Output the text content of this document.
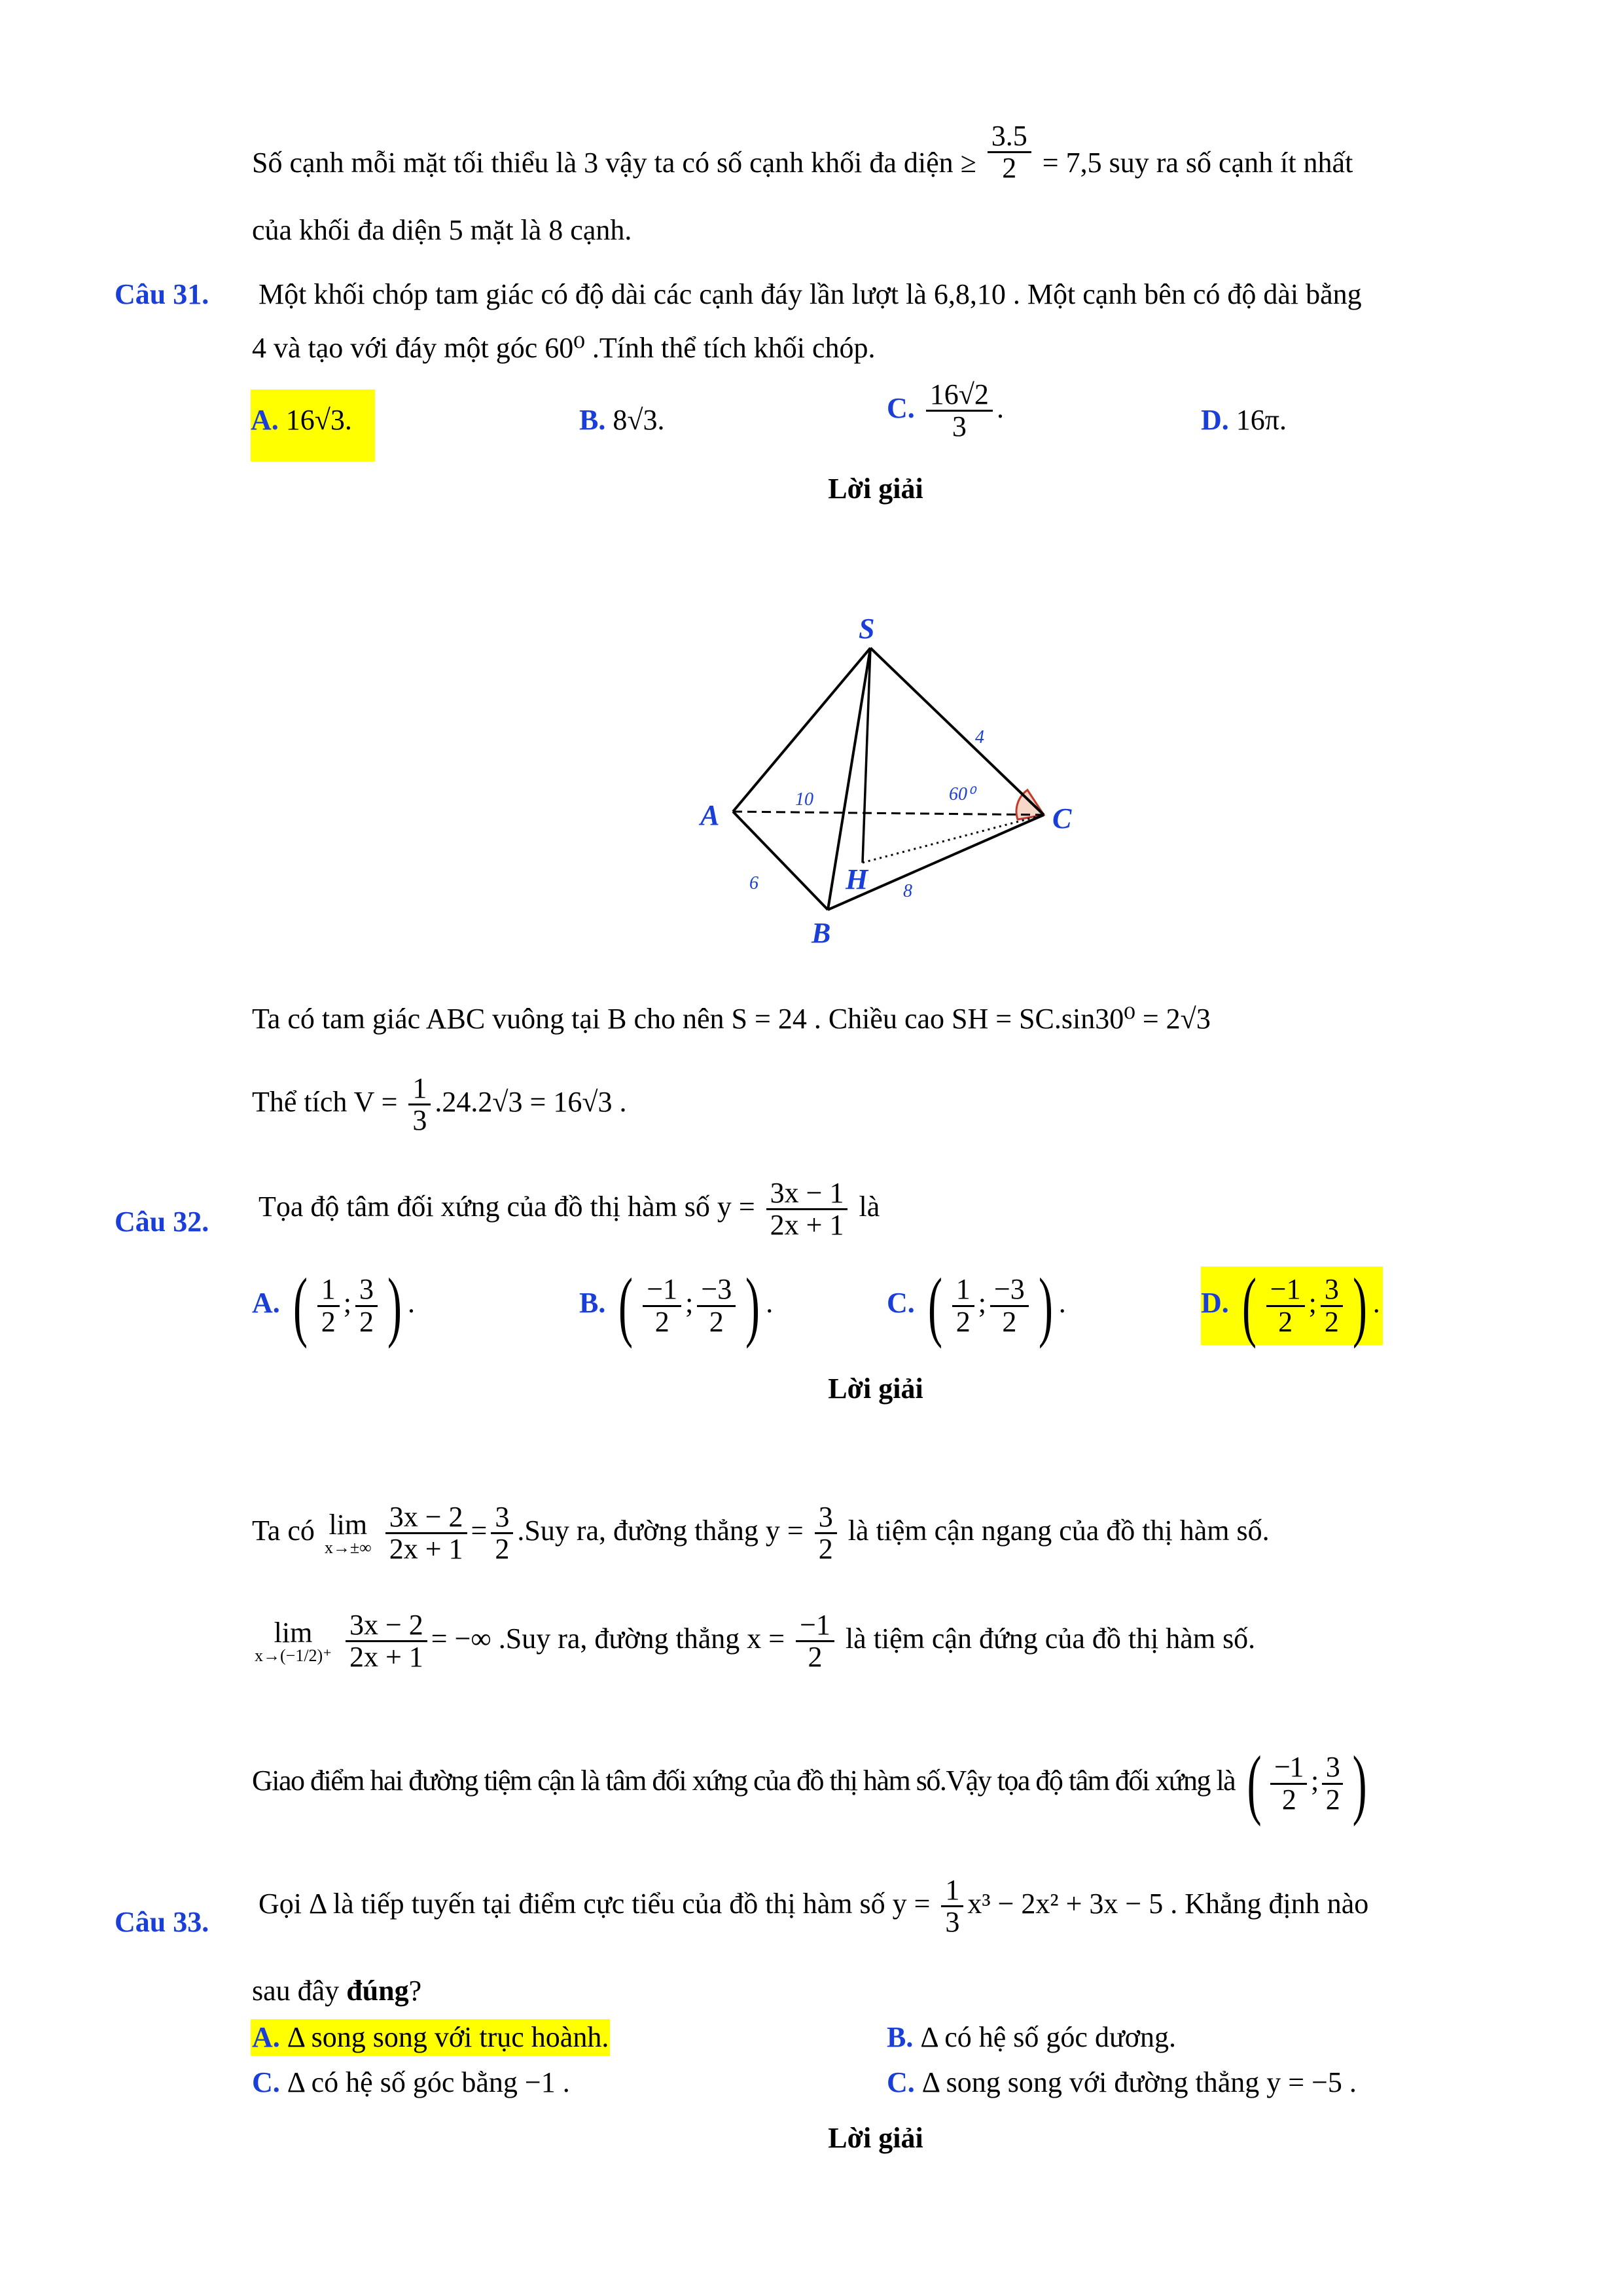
Số cạnh mỗi mặt tối thiểu là 3 vậy ta có số cạnh khối đa diện ≥ $\frac{3.5}{2} = 7,5$ suy ra số cạnh ít nhất
của khối đa diện 5 mặt là 8 cạnh.
Câu 31. Một khối chóp tam giác có độ dài các cạnh đáy lần lượt là 6,8,10 . Một cạnh bên có độ dài bằng
4 và tạo với đáy một góc 60⁰ .Tính thể tích khối chóp.
A. 16√3.	B. 8√3.	C. $\frac{16√2}{3}$ .	D. 16π.
Lời giải
S
A
B
C
H
10	60⁰
4
6	8
Ta có tam giác ABC vuông tại B cho nên S = 24 . Chiều cao SH = SC.sin30⁰ = 2√3
Thể tích $V = \frac{1}{3} .24.2√3 = 16√3$ .
Câu 32. Tọa độ tâm đối xứng của đồ thị hàm số $y = \frac{3x - 1}{2x + 1}$ là
A. ( $\frac{1}{2}$ ; $\frac{3}{2}$ ) .	B. ( $\frac{-1}{2}$ ; $\frac{-3}{2}$ ) .	C. ( $\frac{1}{2}$ ; $\frac{-3}{2}$ ) .	D. ( $\frac{-1}{2}$ ; $\frac{3}{2}$ ) .
Lời giải
Ta có lim
x→±∞
$\frac{3x - 2}{2x + 1} = \frac{3}{2} .Suy$ ra, đường thẳng $y = \frac{3}{2}$ là tiệm cận ngang của đồ thị hàm số.
lim
x→(−1/2)⁺
$\frac{3x - 2}{2x + 1}$ = −∞ .Suy ra, đường thẳng $x = \frac{-1}{2}$ là tiệm cận đứng của đồ thị hàm số.
Giao điểm hai đường tiệm cận là tâm đối xứng của đồ thị hàm số.Vậy tọa độ tâm đối xứng là ( $\frac{-1}{2}$ ; $\frac{3}{2}$ )
Câu 33.
Gọi Δ là tiếp tuyến tại điểm cực tiểu của đồ thị hàm số $y = \frac{1}{3} x^3 - 2x^2 + 3x - 5$ . Khẳng định nào
sau đây đúng?
A. Δ song song với trục hoành.	B. Δ có hệ số góc dương.
C. Δ có hệ số góc bằng −1 .	C. Δ song song với đường thẳng y = −5 .
Lời giải
